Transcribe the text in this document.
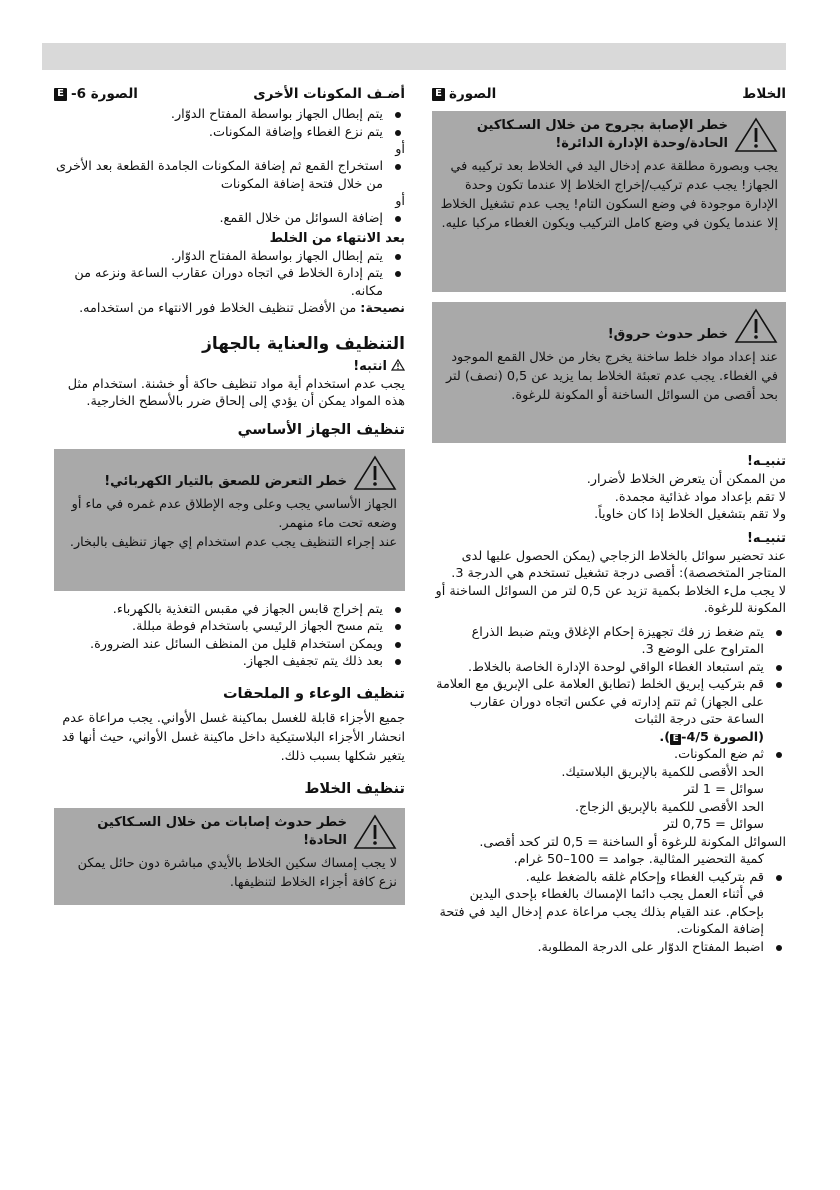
الخلاط
الصورة
E
خطر الإصابة بجروح من خلال السـكاكين الحادة/وحدة الإدارة الدائرة!
يجب وبصورة مطلقة عدم إدخال اليد في الخلاط بعد تركيبه في الجهاز! يجب عدم تركيب/إخراج الخلاط إلا عندما تكون وحدة الإدارة موجودة في وضع السكون التام! يجب عدم تشغيل الخلاط إلا عندما يكون في وضع كامل التركيب ويكون الغطاء مركبا عليه.
خطر حدوث حروق!
عند إعداد مواد خلط ساخنة يخرج بخار من خلال القمع الموجود في الغطاء. يجب عدم تعبئة الخلاط بما يزيد عن 0,5 (نصف) لتر بحد أقصى من السوائل الساخنة أو المكونة للرغوة.
تنبيـه!
من الممكن أن يتعرض الخلاط لأضرار.
لا تقم بإعداد مواد غذائية مجمدة.
ولا تقم بتشغيل الخلاط إذا كان خاوياً.
تنبيـه!
عند تحضير سوائل بالخلاط الزجاجي (يمكن الحصول عليها لدى المتاجر المتخصصة): أقصى درجة تشغيل تستخدم هي الدرجة 3.
لا يجب ملء الخلاط بكمية تزيد عن 0,5 لتر من السوائل الساخنة أو المكونة للرغوة.
يتم ضغط زر فك تجهيزة إحكام الإغلاق ويتم ضبط الذراع المتراوح على الوضع 3.
يتم استبعاد الغطاء الواقي لوحدة الإدارة الخاصة بالخلاط.
قم بتركيب إبريق الخلط (تطابق العلامة على الإبريق مع العلامة على الجهاز) ثم تتم إدارته في عكس اتجاه دوران عقارب الساعة حتى درجة الثبات
(الصورة 4/5-E).
ثم ضع المكونات.
الحد الأقصى للكمية بالإبريق البلاستيك.
سوائل = 1 لتر
الحد الأقصى للكمية بالإبريق الزجاج.
سوائل = 0,75 لتر
السوائل المكونة للرغوة أو الساخنة = 0,5 لتر كحد أقصى.
كمية التحضير المثالية. جوامد = 100–50 غرام.
قم بتركيب الغطاء وإحكام غلقه بالضغط عليه.
في أثناء العمل يجب دائما الإمساك بالغطاء بإحدى اليدين بإحكام. عند القيام بذلك يجب مراعاة عدم إدخال اليد في فتحة إضافة المكونات.
اضبط المفتاح الدوّار على الدرجة المطلوبة.
أضـف المكونات الأخرى
الصورة 6-
E
يتم إبطال الجهاز بواسطة المفتاح الدوّار.
يتم نزع الغطاء وإضافة المكونات.
أو
استخراج القمع ثم إضافة المكونات الجامدة القطعة بعد الأخرى من خلال فتحة إضافة المكونات
أو
إضافة السوائل من خلال القمع.
بعد الانتهاء من الخلط
يتم إبطال الجهاز بواسطة المفتاح الدوّار.
يتم إدارة الخلاط في اتجاه دوران عقارب الساعة ونزعه من مكانه.
نصيحة: من الأفضل تنظيف الخلاط فور الانتهاء من استخدامه.
التنظيف والعناية بالجهاز
انتبه!
يجب عدم استخدام أية مواد تنظيف حاكة أو خشنة. استخدام مثل هذه المواد يمكن أن يؤدي إلى إلحاق ضرر بالأسطح الخارجية.
تنظيف الجهاز الأساسي
خطر التعرض للصعق بالتيار الكهربائي!
الجهاز الأساسي يجب وعلى وجه الإطلاق عدم غمره في ماء أو وضعه تحت ماء منهمر.
عند إجراء التنظيف يجب عدم استخدام إي جهاز تنظيف بالبخار.
يتم إخراج قابس الجهاز في مقبس التغذية بالكهرباء.
يتم مسح الجهاز الرئيسي باستخدام فوطة مبللة.
ويمكن استخدام قليل من المنظف السائل عند الضرورة.
بعد ذلك يتم تجفيف الجهاز.
تنظيف الوعاء و الملحقات
جميع الأجزاء قابلة للغسل بماكينة غسل الأواني. يجب مراعاة عدم انحشار الأجزاء البلاستيكية داخل ماكينة غسل الأواني، حيث أنها قد يتغير شكلها بسبب ذلك.
تنظيف الخلاط
خطر حدوث إصابات من خلال السـكاكين الحادة!
لا يجب إمساك سكين الخلاط بالأيدي مباشرة دون حائل يمكن نزع كافة أجزاء الخلاط لتنظيفها.
